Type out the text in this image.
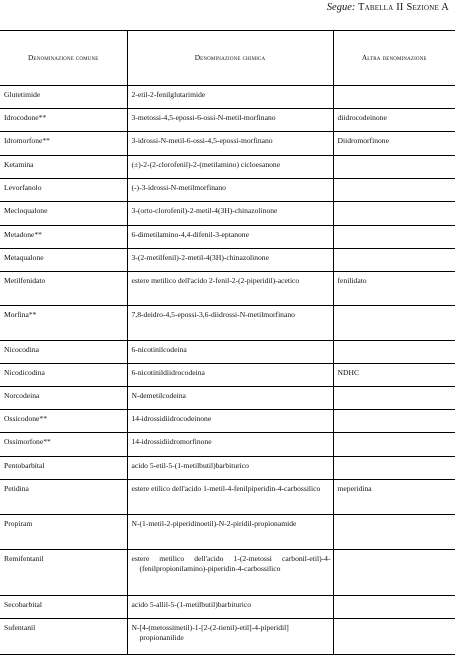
Segue: Tabella II Sezione A
Denominazione comune	Denominazione chimica	Altra denominazione
Glutetimide	2-etil-2-fenilglutarimide	

Idrocodone**	3-metossi-4,5-epossi-6-ossi-N-metil-morfinano	diidrocodeinone
Idromorfone**	3-idrossi-N-metil-6-ossi-4,5-epossi-morfinano	Diidromorfinone
Ketamina	(±)-2-(2-clorofenil)-2-(metilamino) cicloesanone	

Levorfanolo	(-)-3-idrossi-N-metilmorfinano	

Mecloqualone	3-(orto-clorofenil)-2-metil-4(3H)-chinazolinone	

Metadone**	6-dimetilamino-4,4-difenil-3-eptanone	

Metaqualone	3-(2-metilfenil)-2-metil-4(3H)-chinazolinone	

Metilfenidato	estere metilico dell'acido 2-fenil-2-(2-piperidil)-acetico	fenilidato
Morfina**	7,8-deidro-4,5-epossi-3,6-diidrossi-N-metilmorfinano	

Nicocodina	6-nicotinilcodeina	

Nicodicodina	6-nicotinildiidrocodeina	NDHC
Norcodeina	N-demetilcodeina	

Ossicodone**	14-idrossidiidrocodeinone	

Ossimorfone**	14-idrossidiidromorfinone	

Pentobarbital	acido 5-etil-5-(1-metilbutil)barbiturico	

Petidina	estere etilico dell'acido 1-metil-4-fenilpiperidin-4-carbossilico	meperidina
Propiram	N-(1-metil-2-piperidinoetil)-N-2-piridil-propionamide	

Remifentanil	estere metilico dell'acido 1-(2-metossi carbonil-etil)-4-(fenilpropionilamino)-piperidin-4-carbossilico	

Secobarbital	acido 5-allil-5-(1-metilbutil)barbiturico	

Sufentanil	N-[4-(metossimetil)-1-[2-(2-tienil)-etil]-4-piperidil] propionanilide	
